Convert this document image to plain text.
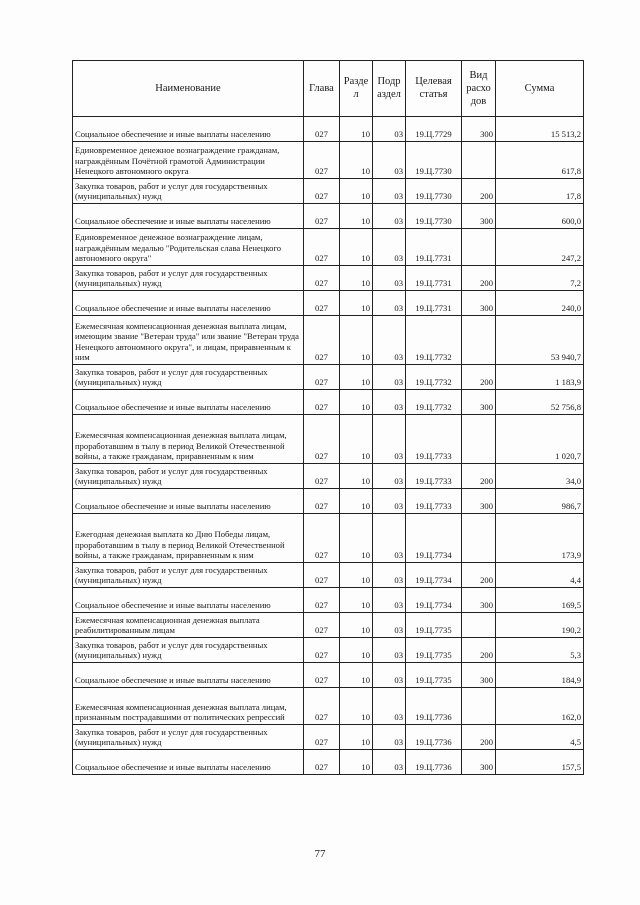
Наименование	Глава	Разде л	Подр аздел	Целевая статья	Вид расхо дов	Сумма
Социальное обеспечение и иные выплаты населению	027	10	03	19.Ц.7729	300	15 513,2
Единовременное денежное вознаграждение гражданам, награждённым Почётной грамотой Администрации Ненецкого автономного округа	027	10	03	19.Ц.7730		617,8
Закупка товаров, работ и услуг для государственных (муниципальных) нужд	027	10	03	19.Ц.7730	200	17,8
Социальное обеспечение и иные выплаты населению	027	10	03	19.Ц.7730	300	600,0
Единовременное денежное вознаграждение лицам, награждённым медалью "Родительская слава Ненецкого автономного округа"	027	10	03	19.Ц.7731		247,2
Закупка товаров, работ и услуг для государственных (муниципальных) нужд	027	10	03	19.Ц.7731	200	7,2
Социальное обеспечение и иные выплаты населению	027	10	03	19.Ц.7731	300	240,0
Ежемесячная компенсационная денежная выплата лицам, имеющим звание "Ветеран труда" или звание "Ветеран труда Ненецкого автономного округа", и лицам, приравненным к ним	027	10	03	19.Ц.7732		53 940,7
Закупка товаров, работ и услуг для государственных (муниципальных) нужд	027	10	03	19.Ц.7732	200	1 183,9
Социальное обеспечение и иные выплаты населению	027	10	03	19.Ц.7732	300	52 756,8
Ежемесячная компенсационная денежная выплата лицам, проработавшим в тылу в период Великой Отечественной войны, а также гражданам, приравненным к ним	027	10	03	19.Ц.7733		1 020,7
Закупка товаров, работ и услуг для государственных (муниципальных) нужд	027	10	03	19.Ц.7733	200	34,0
Социальное обеспечение и иные выплаты населению	027	10	03	19.Ц.7733	300	986,7
Ежегодная денежная выплата ко Дню Победы лицам, проработавшим в тылу в период Великой Отечественной войны, а также гражданам, приравненным к ним	027	10	03	19.Ц.7734		173,9
Закупка товаров, работ и услуг для государственных (муниципальных) нужд	027	10	03	19.Ц.7734	200	4,4
Социальное обеспечение и иные выплаты населению	027	10	03	19.Ц.7734	300	169,5
Ежемесячная компенсационная денежная выплата реабилитированным лицам	027	10	03	19.Ц.7735		190,2
Закупка товаров, работ и услуг для государственных (муниципальных) нужд	027	10	03	19.Ц.7735	200	5,3
Социальное обеспечение и иные выплаты населению	027	10	03	19.Ц.7735	300	184,9
Ежемесячная компенсационная денежная выплата лицам, признанным пострадавшими от политических репрессий	027	10	03	19.Ц.7736		162,0
Закупка товаров, работ и услуг для государственных (муниципальных) нужд	027	10	03	19.Ц.7736	200	4,5
Социальное обеспечение и иные выплаты населению	027	10	03	19.Ц.7736	300	157,5
77
